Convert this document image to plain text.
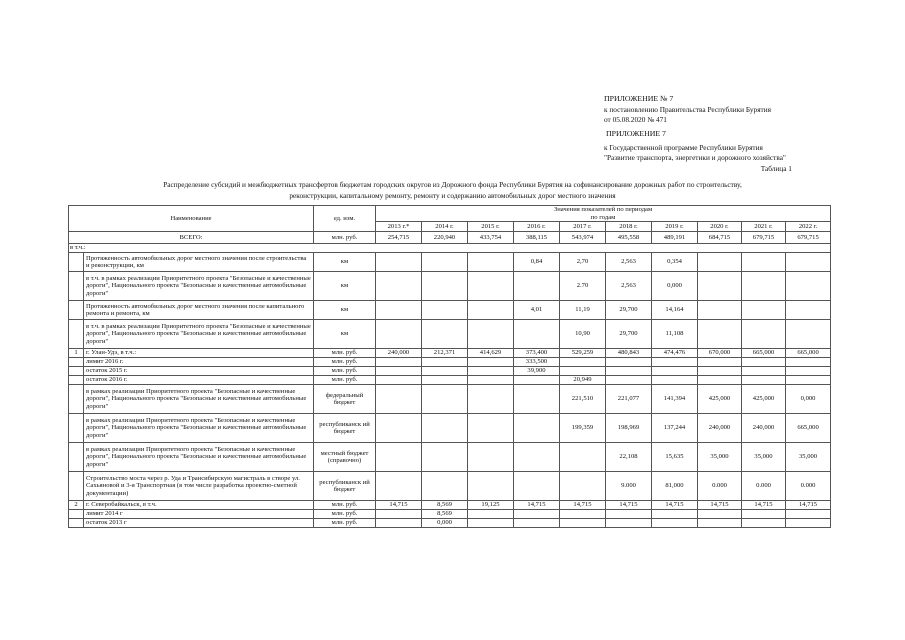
ПРИЛОЖЕНИЕ № 7
к постановлению Правительства Республики Бурятия
от 05.08.2020 № 471
ПРИЛОЖЕНИЕ 7
к Государственной программе Республики Бурятия
"Развитие транспорта, энергетики и дорожного хозяйства"
Таблица 1
Распределение субсидий и межбюджетных трансфертов бюджетам городских округов из Дорожного фонда Республики Бурятия на софинансирование дорожных работ по строительству,
реконструкции, капитальному ремонту, ремонту и содержанию автомобильных дорог местного значения
Наименование		ед. изм.	Значения показателей по периодам									
			по годам									
			2013 г.*	2014 г.	2015 г.	2016 г.	2017 г.	2018 г.	2019 г.	2020 г.	2021 г.	2022 г.
ВСЕГО:		млн. руб.	254,715	220,940	433,754	388,115	543,974	495,558	489,191	684,715	679,715	679,715
в т.ч.:												
	Протяженность автомобильных дорог местного значения после строительства и реконструкции, км	км				0,84	2,70	2,563	0,354			
	в т.ч. в рамках реализации Приоритетного проекта "Безопасные и качественные дороги", Национального проекта "Безопасные и качественные автомобильные дороги"	км					2.70	2,563	0,000			
	Протяженность автомобильных дорог местного значения после капитального ремонта и ремонта, км	км				4,01	11,19	29,700	14,164			
	в т.ч. в рамках реализации Приоритетного проекта "Безопасные и качественные дороги", Национального проекта "Безопасные и качественные автомобильные дороги"	км					10,90	29,700	11,108			
1	г. Улан-Удэ, в т.ч.:	млн. руб.	240,000	212,371	414,629	373,400	529,259	480,843	474,476	670,000	665,000	665,000
	лимит 2016 г.	млн. руб.				333,500						
	остаток 2015 г.	млн. руб.				39,900						
	остаток 2016 г.	млн. руб.					20,949					
	в рамках реализации Приоритетного проекта "Безопасные и качественные дороги", Национального проекта "Безопасные и качественные автомобильные дороги"	федеральный бюджет					221,510	221,077	141,394	425,000	425,000	0,000
	в рамках реализации Приоритетного проекта "Безопасные и качественные дороги", Национального проекта "Безопасные и качественные автомобильные дороги"	республиканск ий бюджет					199,359	198,969	137,244	240,000	240,000	665,000
	в рамках реализации Приоритетного проекта "Безопасные и качественные дороги", Национального проекта "Безопасные и качественные автомобильные дороги"	местный бюджет (справочно)						22,108	15,635	35,000	35,000	35,000
	Строительство моста через р. Уда и Трансибирскую магистраль в створе ул. Сахьяновой и 3-я Транспортная (в том числе разработка проектно-сметной документации)	республиканск ий бюджет						9.000	81,000	0.000	0.000	0.000
2	г. Северобайкальск, в т.ч.	млн. руб.	14,715	8,569	19,125	14,715	14,715	14,715	14,715	14,715	14,715	14,715
	лимит 2014 г	млн. руб.		8,569								
	остаток 2013 г	млн. руб.		0,000								
